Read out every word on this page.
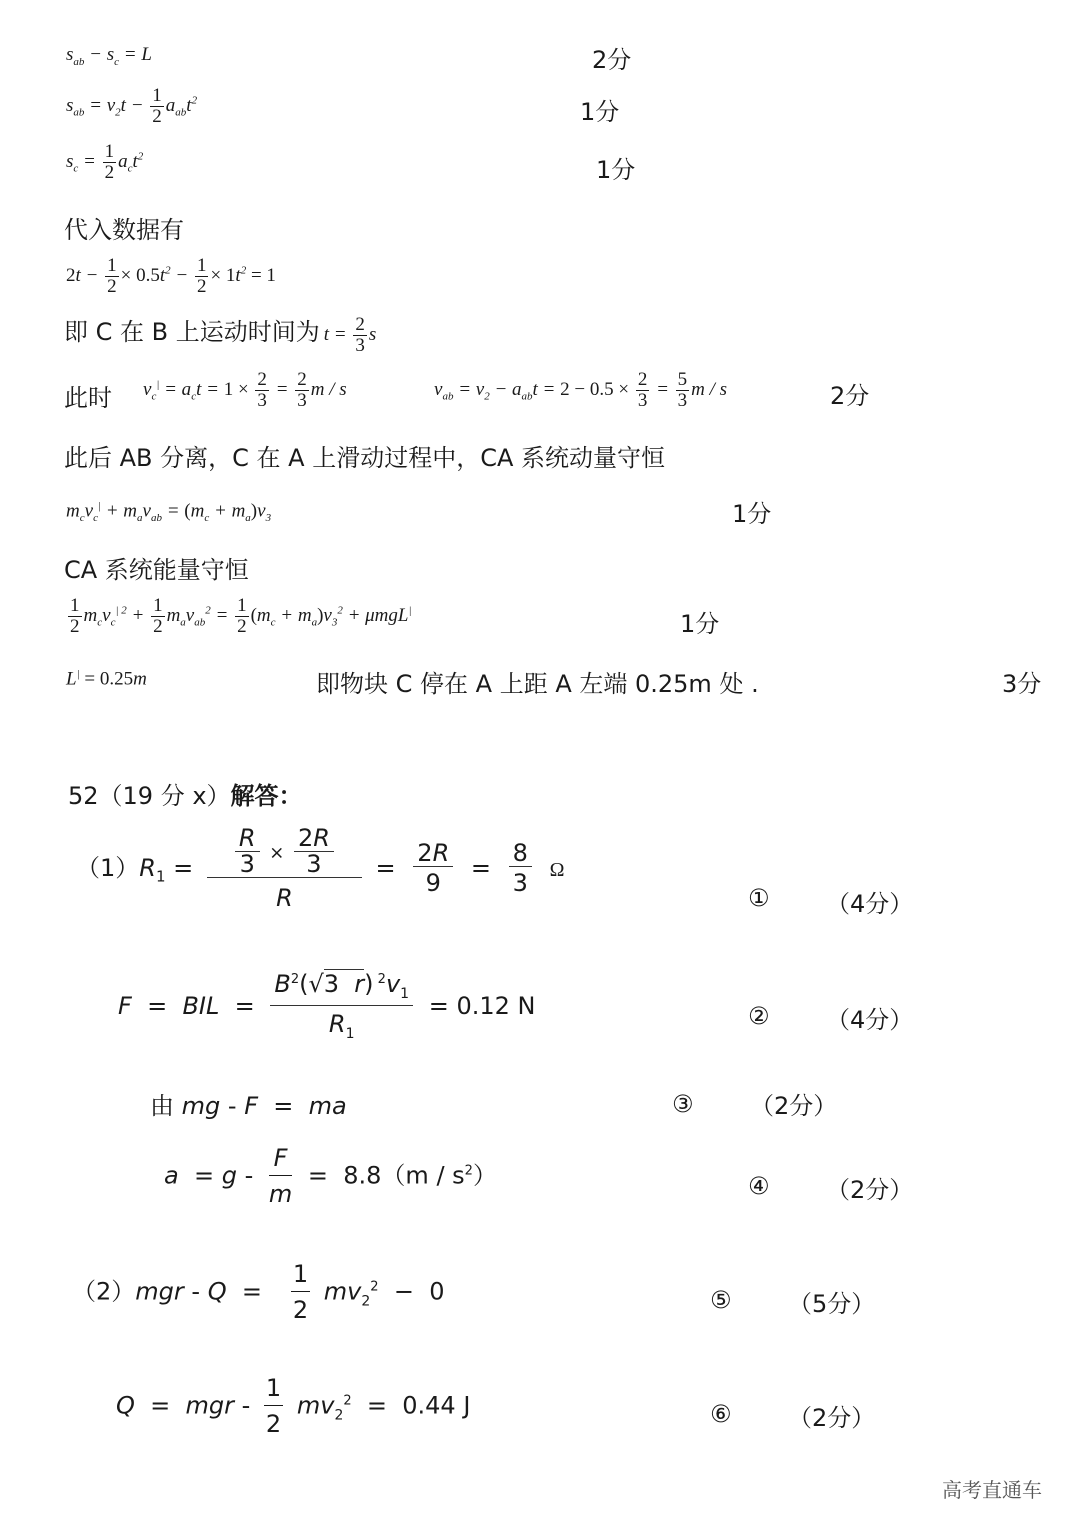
$s_{ab} - s_c = L$	2分
$s_{ab} = v_2t - \frac{1}{2} a_{ab}t^2$	1分
$s_c = \frac{1}{2} a_ct^2$	1分
代入数据有
$2t - \frac{1}{2} \times 0.5t^2 - \frac{1}{2} \times 1t^2 = 1$
即 C 在 B 上运动时间为 $t = \frac{2}{3}$ s
此时 $v_c^| = a_ct = 1 \times \frac{2}{3} = \frac{2}{3}$ m / s	$v_{ab} = v_2 - a_{ab}t = 2 - 0.5 \times \frac{2}{3} = \frac{5}{3}$ m / s	2分
此后 AB 分离，C 在 A 上滑动过程中，CA 系统动量守恒
$m_cv_c^| + m_av_{ab} = (m_c + m_a)v_3$	1分
CA 系统能量守恒
$\frac{1}{2} m_cv_c^{| 2} + \frac{1}{2} m_av_{ab}^2 = \frac{1}{2} (m_c + m_a)v_3^2 + \mu mgL^|$	1分
L| = 0.25m	即物块 C 停在 A 上距 A 左端 0.25m 处 .	3分
52（19 分 x）解答：
$(1)R_1 = \frac{\frac{R}{3} \times \frac{2R}{3}}{R} = \frac{2R}{9} = \frac{8}{3}$ Ω
① （4分）
F  =  BIL  = $\frac{B^2(√3 r) ^2v_1}{R_1} = 0.12$ N	② （4分）
由 mg - F  =  ma	③ （2分）
$a = g - \frac{F}{m} = 8.8(m / s^2)$	④ （2分）
$(2)mgr - Q = \frac{1}{2} mv_2^2 - 0$	⑤ （5分）
Q  =  mgr - $\frac{1}{2} mv_2^2 = 0.44$ J	⑥ （2分）
高考直通车
